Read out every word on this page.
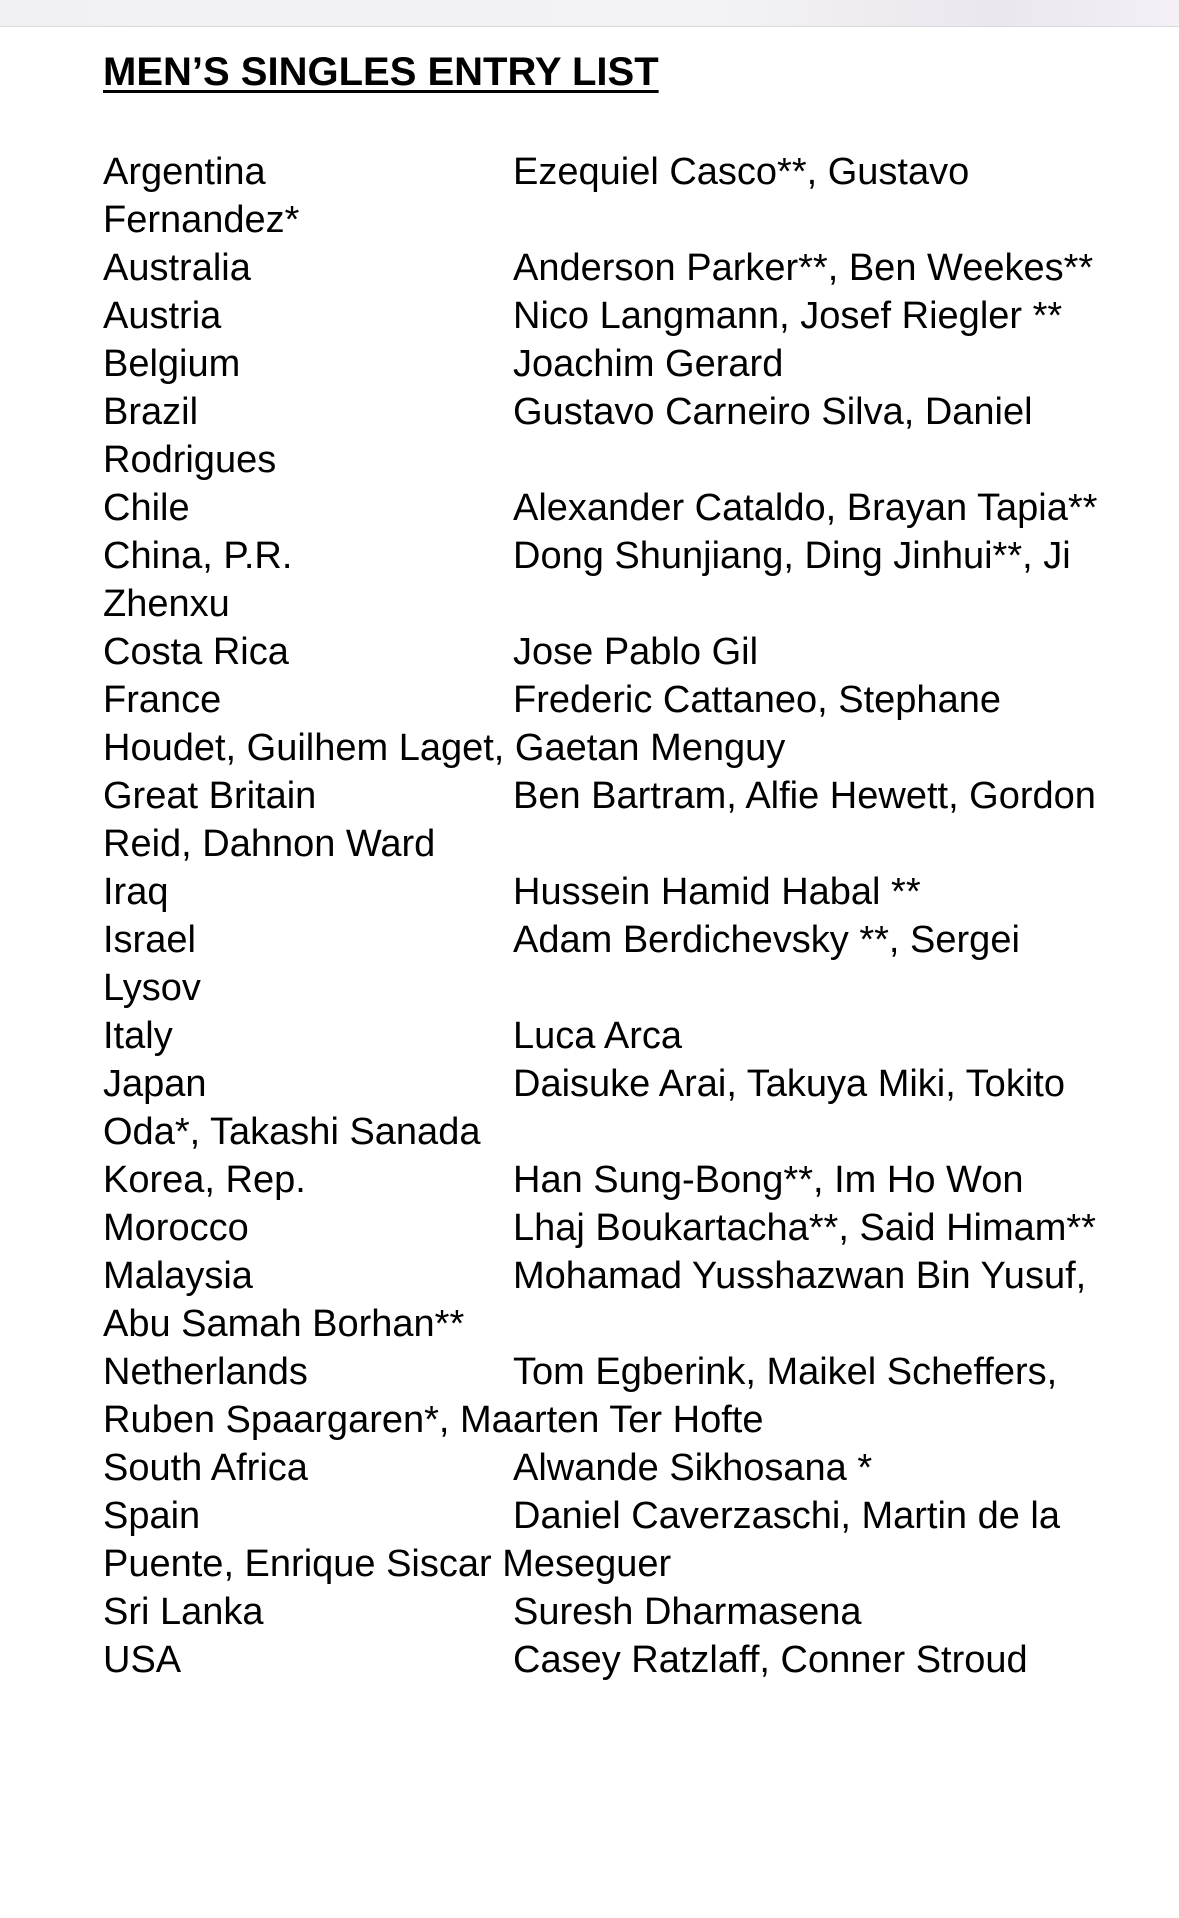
MEN’S SINGLES ENTRY LIST
Argentina	Ezequiel Casco**, Gustavo Fernandez*
Australia	Anderson Parker**, Ben Weekes**
Austria	Nico Langmann, Josef Riegler **
Belgium	Joachim Gerard
Brazil	Gustavo Carneiro Silva, Daniel Rodrigues
Chile	Alexander Cataldo, Brayan Tapia**
China, P.R.	Dong Shunjiang, Ding Jinhui**, Ji Zhenxu
Costa Rica	Jose Pablo Gil
France	Frederic Cattaneo, Stephane Houdet, Guilhem Laget, Gaetan Menguy
Great Britain	Ben Bartram, Alfie Hewett, Gordon Reid, Dahnon Ward
Iraq	Hussein Hamid Habal **
Israel	Adam Berdichevsky **, Sergei Lysov
Italy	Luca Arca
Japan	Daisuke Arai, Takuya Miki, Tokito Oda*, Takashi Sanada
Korea, Rep.	Han Sung-Bong**, Im Ho Won
Morocco	Lhaj Boukartacha**, Said Himam**
Malaysia	Mohamad Yusshazwan Bin Yusuf, Abu Samah Borhan**
Netherlands	Tom Egberink, Maikel Scheffers, Ruben Spaargaren*, Maarten Ter Hofte
South Africa	Alwande Sikhosana *
Spain	Daniel Caverzaschi, Martin de la Puente, Enrique Siscar Meseguer
Sri Lanka	Suresh Dharmasena
USA	Casey Ratzlaff, Conner Stroud
